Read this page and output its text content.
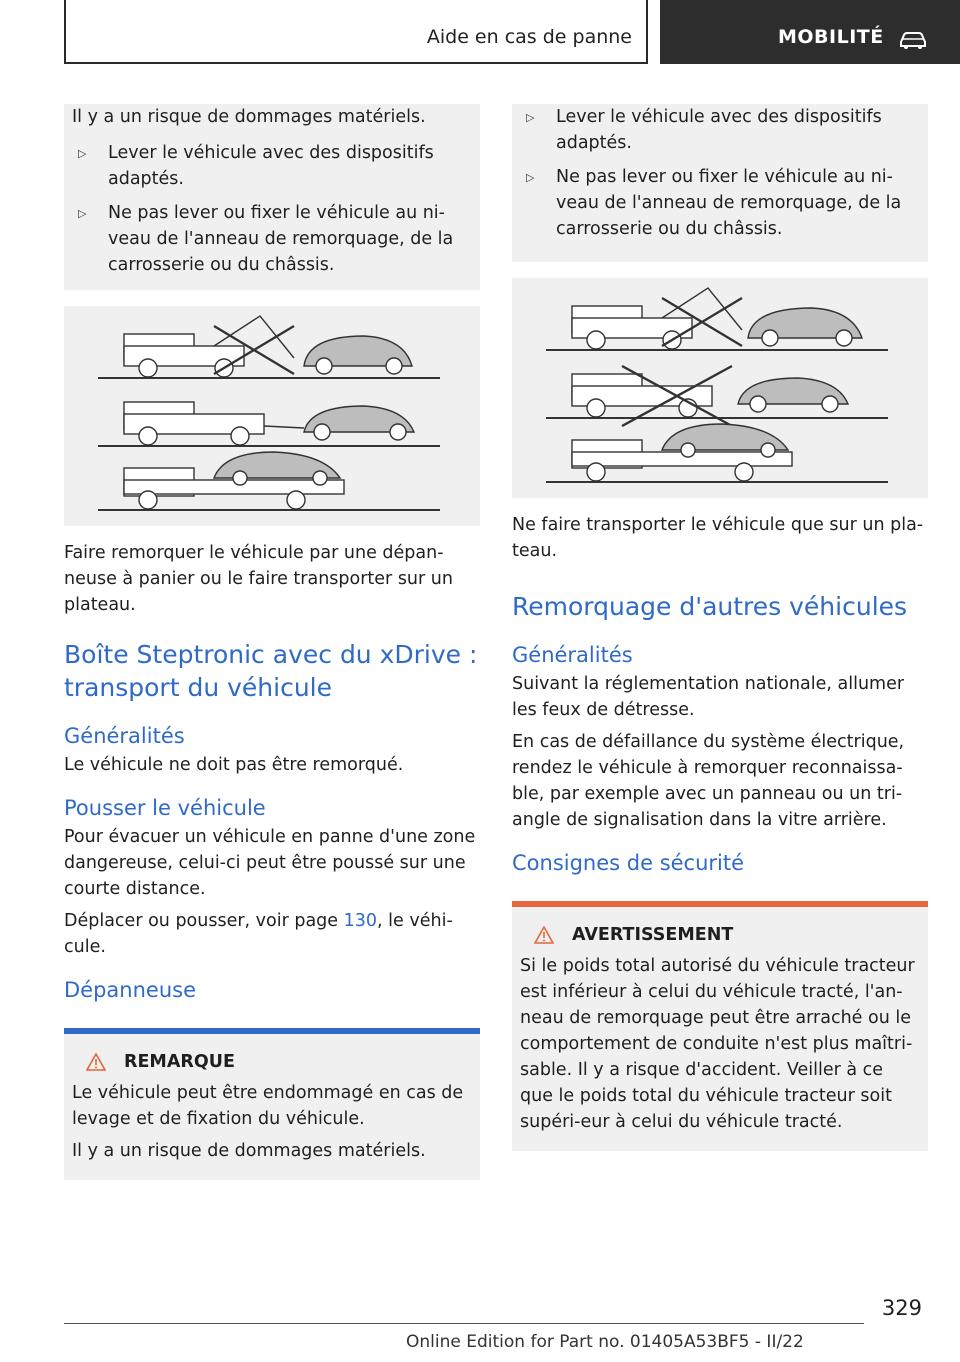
Aide en cas de panne	MOBILITÉ

Il y a un risque de dommages matériels.

▷	Lever le véhicule avec des dispositifs adaptés.
▷	Ne pas lever ou fixer le véhicule au ni-veau de l'anneau de remorquage, de la carrosserie ou du châssis.

Faire remorquer le véhicule par une dépan-neuse à panier ou le faire transporter sur un plateau.

Boîte Steptronic avec du xDrive : transport du véhicule
Généralités

Le véhicule ne doit pas être remorqué.

Pousser le véhicule

Pour évacuer un véhicule en panne d'une zone dangereuse, celui-ci peut être poussé sur une courte distance.

Déplacer ou pousser, voir page 130, le véhi-cule.

Dépanneuse
REMARQUE

Le véhicule peut être endommagé en cas de levage et de fixation du véhicule.

Il y a un risque de dommages matériels.

▷	Lever le véhicule avec des dispositifs adaptés.
▷	Ne pas lever ou fixer le véhicule au ni-veau de l'anneau de remorquage, de la carrosserie ou du châssis.

Ne faire transporter le véhicule que sur un pla-teau.

Remorquage d'autres véhicules
Généralités

Suivant la réglementation nationale, allumer les feux de détresse.

En cas de défaillance du système électrique, rendez le véhicule à remorquer reconnaissa-ble, par exemple avec un panneau ou un tri-angle de signalisation dans la vitre arrière.

Consignes de sécurité
AVERTISSEMENT

Si le poids total autorisé du véhicule tracteur est inférieur à celui du véhicule tracté, l'an-neau de remorquage peut être arraché ou le comportement de conduite n'est plus maîtri-sable. Il y a risque d'accident. Veiller à ce que le poids total du véhicule tracteur soit supéri-eur à celui du véhicule tracté.

329
Online Edition for Part no. 01405A53BF5 - II/22
